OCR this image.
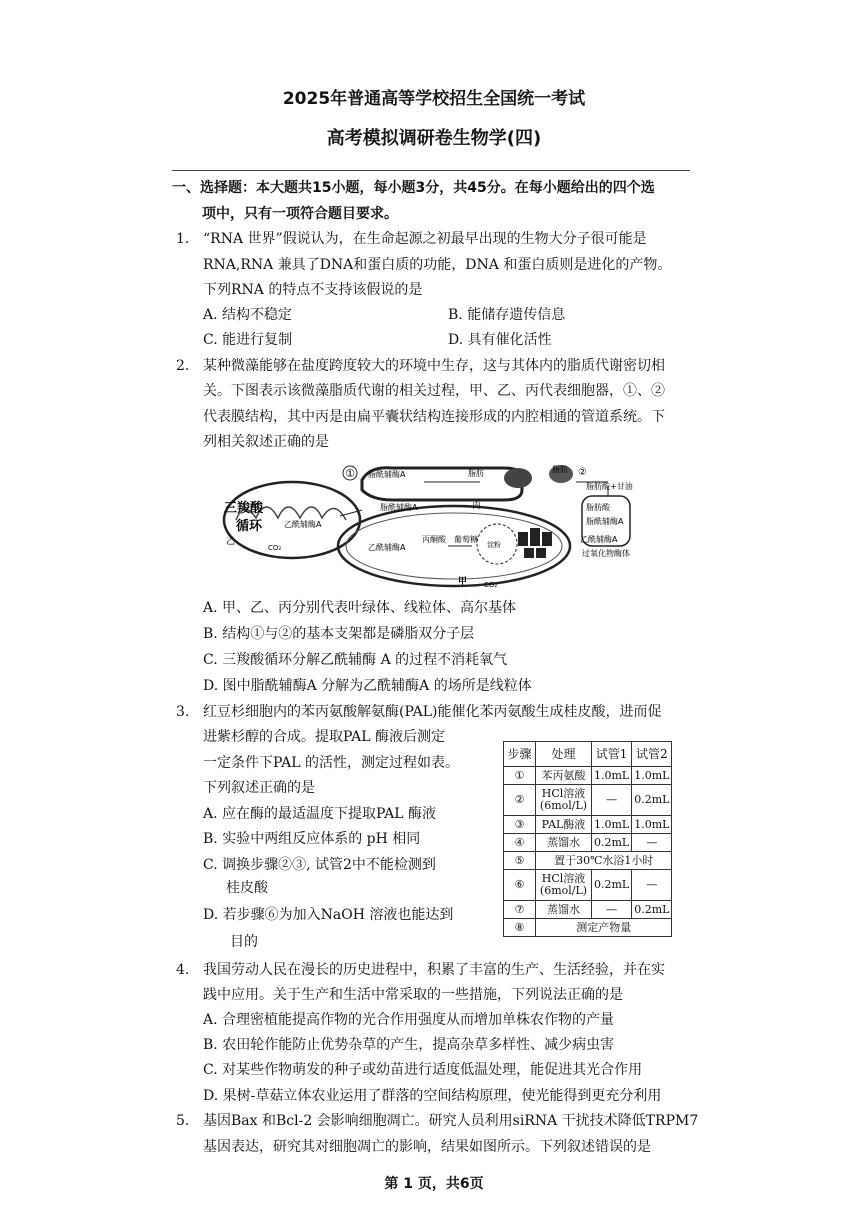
2025年普通高等学校招生全国统一考试
高考模拟调研卷生物学(四)
一、选择题：本大题共15小题，每小题3分，共45分。在每小题给出的四个选
项中，只有一项符合题目要求。
1. “RNA 世界”假说认为，在生命起源之初最早出现的生物大分子很可能是
RNA,RNA 兼具了DNA和蛋白质的功能，DNA 和蛋白质则是进化的产物。
下列RNA 的特点不支持该假说的是
A. 结构不稳定	B. 能储存遗传信息
C. 能进行复制	D. 具有催化活性
2. 某种微藻能够在盐度跨度较大的环境中生存，这与其体内的脂质代谢密切相
关。下图表示该微藻脂质代谢的相关过程，甲、乙、丙代表细胞器，①、②
代表膜结构，其中丙是由扁平囊状结构连接形成的内腔相通的管道系统。下
列相关叙述正确的是
① 脂酰辅酶A	脂肪	脂肪 ②
脂肪酸+甘油
三羧酸
循环	乙酰辅酶A
乙
CO₂
脂酰辅酶A	丙
乙酰辅酶A
丙酮酸 葡萄糖
淀粉
甲 CO₂
脂肪酸
脂酰辅酶A
乙酰辅酶A
过氧化物酶体
A. 甲、乙、丙分别代表叶绿体、线粒体、高尔基体
B. 结构①与②的基本支架都是磷脂双分子层
C. 三羧酸循环分解乙酰辅酶 A 的过程不消耗氧气
D. 图中脂酰辅酶A 分解为乙酰辅酶A 的场所是线粒体
3. 红豆杉细胞内的苯丙氨酸解氨酶(PAL)能催化苯丙氨酸生成桂皮酸，进而促
进紫杉醇的合成。提取PAL 酶液后测定
一定条件下PAL 的活性，测定过程如表。
下列叙述正确的是
A. 应在酶的最适温度下提取PAL 酶液
B. 实验中两组反应体系的 pH 相同
C. 调换步骤②③, 试管2中不能检测到
桂皮酸
D. 若步骤⑥为加入NaOH 溶液也能达到
目的
步骤	处理	试管1	试管2
①	苯丙氨酸	1.0mL	1.0mL
②	HCl溶液
(6mol/L)	—	0.2mL
③	PAL酶液	1.0mL	1.0mL
④	蒸馏水	0.2mL	—
⑤	置于30℃水浴1小时		
⑥	HCl溶液
(6mol/L)	0.2mL	—
⑦	蒸馏水	—	0.2mL
⑧	测定产物量		
4. 我国劳动人民在漫长的历史进程中，积累了丰富的生产、生活经验，并在实
践中应用。关于生产和生活中常采取的一些措施，下列说法正确的是
A. 合理密植能提高作物的光合作用强度从而增加单株农作物的产量
B. 农田轮作能防止优势杂草的产生，提高杂草多样性、减少病虫害
C. 对某些作物萌发的种子或幼苗进行适度低温处理，能促进其光合作用
D. 果树-草菇立体农业运用了群落的空间结构原理，使光能得到更充分利用
5. 基因Bax 和Bcl-2 会影响细胞凋亡。研究人员利用siRNA 干扰技术降低TRPM7
基因表达，研究其对细胞凋亡的影响，结果如图所示。下列叙述错误的是
第 1 页，共6页
